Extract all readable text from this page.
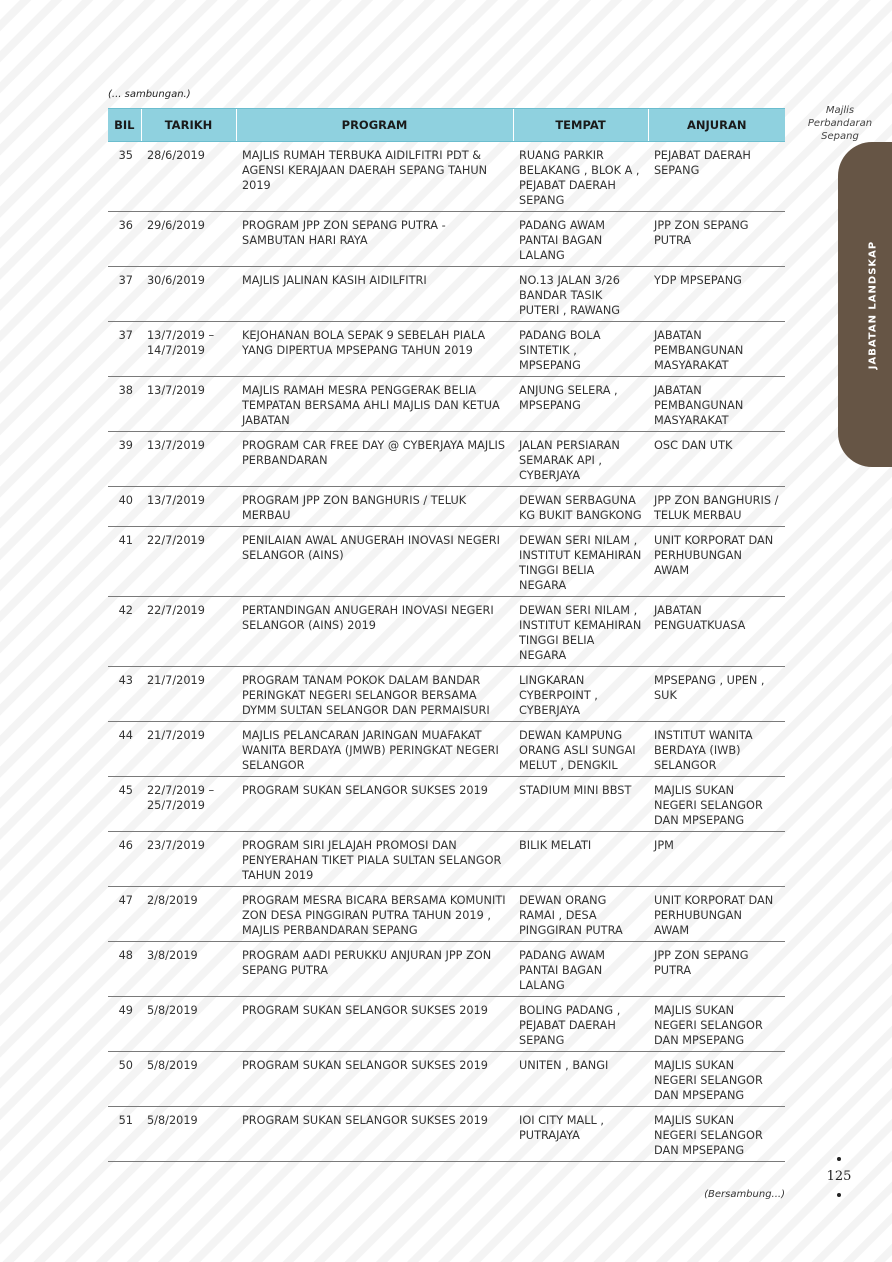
(... sambungan.)
BIL	TARIKH	PROGRAM	TEMPAT	ANJURAN
35	28/6/2019	MAJLIS RUMAH TERBUKA AIDILFITRI PDT & AGENSI KERAJAAN DAERAH SEPANG TAHUN 2019	RUANG PARKIR BELAKANG , BLOK A , PEJABAT DAERAH SEPANG	PEJABAT DAERAH SEPANG
36	29/6/2019	PROGRAM JPP ZON SEPANG PUTRA - SAMBUTAN HARI RAYA	PADANG AWAM PANTAI BAGAN LALANG	JPP ZON SEPANG PUTRA
37	30/6/2019	MAJLIS JALINAN KASIH AIDILFITRI	NO.13 JALAN 3/26 BANDAR TASIK PUTERI , RAWANG	YDP MPSEPANG
37	13/7/2019 – 14/7/2019	KEJOHANAN BOLA SEPAK 9 SEBELAH PIALA YANG DIPERTUA MPSEPANG TAHUN 2019	PADANG BOLA SINTETIK , MPSEPANG	JABATAN PEMBANGUNAN MASYARAKAT
38	13/7/2019	MAJLIS RAMAH MESRA PENGGERAK BELIA TEMPATAN BERSAMA AHLI MAJLIS DAN KETUA JABATAN	ANJUNG SELERA , MPSEPANG	JABATAN PEMBANGUNAN MASYARAKAT
39	13/7/2019	PROGRAM CAR FREE DAY @ CYBERJAYA MAJLIS PERBANDARAN	JALAN PERSIARAN SEMARAK API , CYBERJAYA	OSC DAN UTK
40	13/7/2019	PROGRAM JPP ZON BANGHURIS / TELUK MERBAU	DEWAN SERBAGUNA KG BUKIT BANGKONG	JPP ZON BANGHURIS / TELUK MERBAU
41	22/7/2019	PENILAIAN AWAL ANUGERAH INOVASI NEGERI SELANGOR (AINS)	DEWAN SERI NILAM , INSTITUT KEMAHIRAN TINGGI BELIA NEGARA	UNIT KORPORAT DAN PERHUBUNGAN AWAM
42	22/7/2019	PERTANDINGAN ANUGERAH INOVASI NEGERI SELANGOR (AINS) 2019	DEWAN SERI NILAM , INSTITUT KEMAHIRAN TINGGI BELIA NEGARA	JABATAN PENGUATKUASA
43	21/7/2019	PROGRAM TANAM POKOK DALAM BANDAR PERINGKAT NEGERI SELANGOR BERSAMA DYMM SULTAN SELANGOR DAN PERMAISURI	LINGKARAN CYBERPOINT , CYBERJAYA	MPSEPANG , UPEN , SUK
44	21/7/2019	MAJLIS PELANCARAN JARINGAN MUAFAKAT WANITA BERDAYA (JMWB) PERINGKAT NEGERI SELANGOR	DEWAN KAMPUNG ORANG ASLI SUNGAI MELUT , DENGKIL	INSTITUT WANITA BERDAYA (IWB) SELANGOR
45	22/7/2019 – 25/7/2019	PROGRAM SUKAN SELANGOR SUKSES 2019	STADIUM MINI BBST	MAJLIS SUKAN NEGERI SELANGOR DAN MPSEPANG
46	23/7/2019	PROGRAM SIRI JELAJAH PROMOSI DAN PENYERAHAN TIKET PIALA SULTAN SELANGOR TAHUN 2019	BILIK MELATI	JPM
47	2/8/2019	PROGRAM MESRA BICARA BERSAMA KOMUNITI ZON DESA PINGGIRAN PUTRA TAHUN 2019 , MAJLIS PERBANDARAN SEPANG	DEWAN ORANG RAMAI , DESA PINGGIRAN PUTRA	UNIT KORPORAT DAN PERHUBUNGAN AWAM
48	3/8/2019	PROGRAM AADI PERUKKU ANJURAN JPP ZON SEPANG PUTRA	PADANG AWAM PANTAI BAGAN LALANG	JPP ZON SEPANG PUTRA
49	5/8/2019	PROGRAM SUKAN SELANGOR SUKSES 2019	BOLING PADANG , PEJABAT DAERAH SEPANG	MAJLIS SUKAN NEGERI SELANGOR DAN MPSEPANG
50	5/8/2019	PROGRAM SUKAN SELANGOR SUKSES 2019	UNITEN , BANGI	MAJLIS SUKAN NEGERI SELANGOR DAN MPSEPANG
51	5/8/2019	PROGRAM SUKAN SELANGOR SUKSES 2019	IOI CITY MALL , PUTRAJAYA	MAJLIS SUKAN NEGERI SELANGOR DAN MPSEPANG
Majlis
Perbandaran
Sepang
JABATAN LANDSKAP
125
(Bersambung...)
